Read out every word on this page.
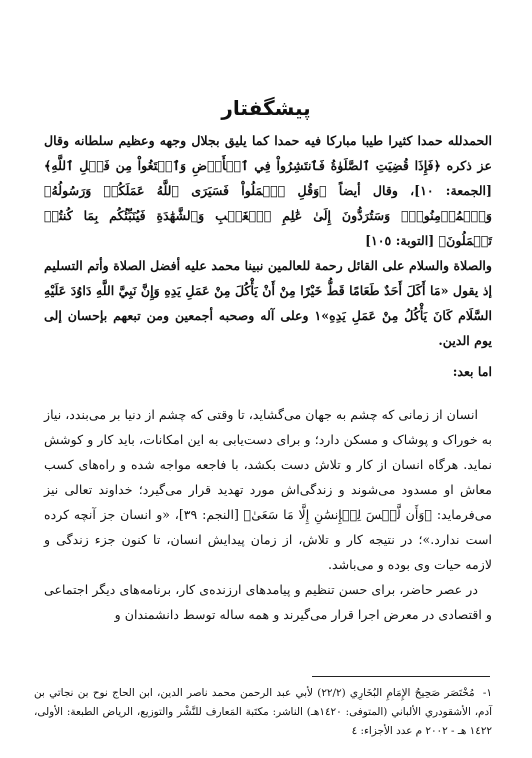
پیشگفتار

الحمدلله حمدا كثيرا طيبا مباركا فيه حمدا كما يليق بجلال وجهه وعظيم سلطانه وقال عز ذكره ﴿فَإِذَا قُضِيَتِ ٱلصَّلَوٰةُ فَٱنتَشِرُواْ فِي ٱلۡأَرۡضِ وَٱبۡتَغُواْ مِن فَضۡلِ ٱللَّهِ﴾ [الجمعة: ١٠]، وقال أيضاً ﴿وَقُلِ ٱعۡمَلُواْ فَسَيَرَى ٱللَّهُ عَمَلَكُمۡ وَرَسُولُهُۥ وَٱلۡمُؤۡمِنُونَۖ وَسَتُرَدُّونَ إِلَىٰ عَٰلِمِ ٱلۡغَيۡبِ وَٱلشَّهَٰدَةِ فَيُنَبِّئُكُم بِمَا كُنتُمۡ تَعۡمَلُونَ﴾ [التوبة: ١٠٥]

والصلاة والسلام على القائل رحمة للعالمين نبينا محمد عليه أفضل الصلاة وأتم التسليم إذ يقول «مَا أَكَلَ أَحَدٌ طَعَامًا قَطُّ خَيْرًا مِنْ أَنْ يَأْكُلَ مِنْ عَمَلِ يَدِهِ وَإِنَّ نَبِيَّ اللَّهِ دَاوُدَ عَلَيْهِ السَّلَام كَانَ يَأْكُلُ مِنْ عَمَلِ يَدِهِ»١ وعلى آله وصحبه أجمعين ومن تبعهم بإحسان إلى يوم الدين.

اما بعد:

انسان از زمانی که چشم به جهان می‌گشاید، تا وقتی که چشم از دنیا بر می‌بندد، نیاز به خوراک و پوشاک و مسکن دارد؛ و برای دست‌یابی به این امکانات، باید کار و کوشش نماید. هرگاه انسان از کار و تلاش دست بکشد، با فاجعه مواجه شده و راه‌های کسب معاش او مسدود می‌شوند و زندگی‌اش مورد تهدید قرار می‌گیرد؛ خداوند تعالی نیز می‌فرماید: ﴿وَأَن لَّيۡسَ لِلۡإِنسَٰنِ إِلَّا مَا سَعَىٰ﴾ [النجم: ٣٩]، «و انسان جز آنچه کرده است ندارد.»؛ در نتیجه کار و تلاش، از زمان پیدایش انسان، تا کنون جزء زندگی و لازمه حیات وی بوده و می‌باشد.

در عصر حاضر، برای حسن تنظیم و پیامدهای ارزنده‌ی کار، برنامه‌های دیگر اجتماعی و اقتصادی در معرض اجرا قرار می‌گیرند و همه ساله توسط دانشمندان و

١- مُخْتَصَر صَحِيحُ الإِمَامِ البُخَارِي (٢٢/٢) لأبي عبد الرحمن محمد ناصر الدين، ابن الحاج نوح بن نجاتي بن آدم، الأشقودري الألباني (المتوفى: ١٤٢٠هـ) الناشر: مكتَبة المَعارف للنَّشْر والتوزيع، الرياض الطبعة: الأولى، ١٤٢٢ هـ - ٢٠٠٢ م عدد الأجزاء: ٤
